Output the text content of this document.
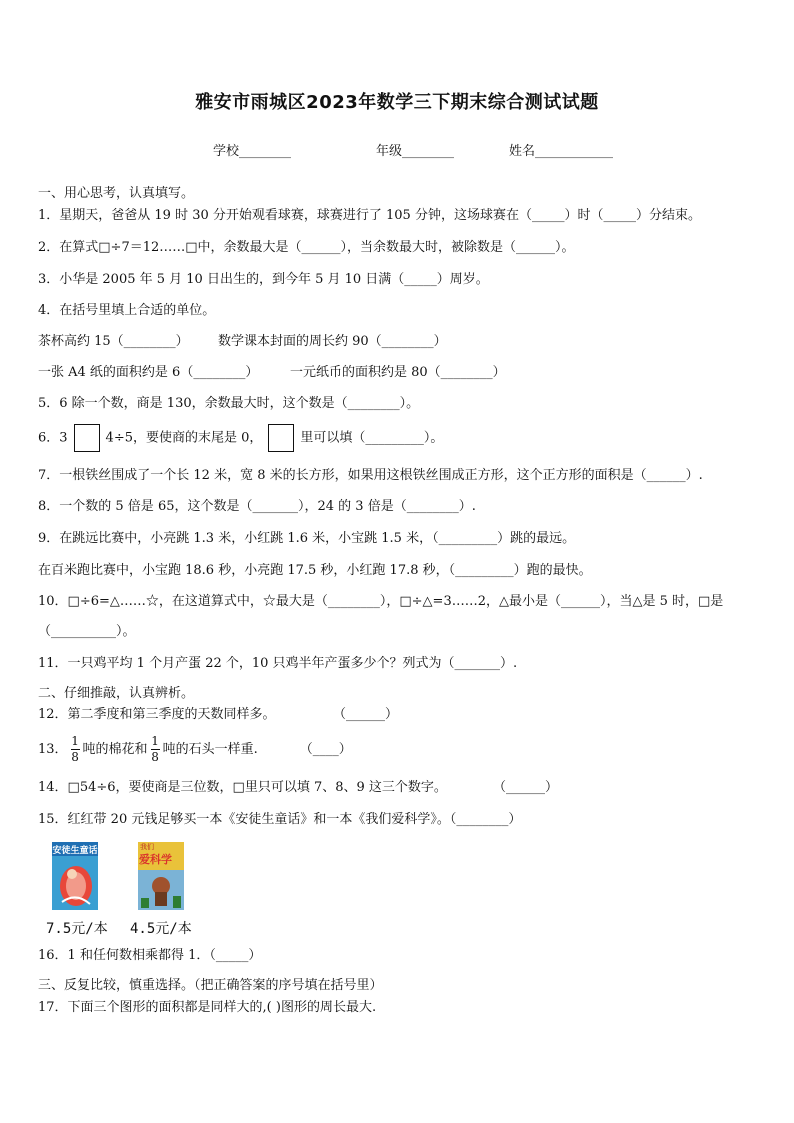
雅安市雨城区2023年数学三下期末综合测试试题
学校________	年级________	姓名____________
一、用心思考，认真填写。
1．星期天，爸爸从 19 时 30 分开始观看球赛，球赛进行了 105 分钟，这场球赛在（_____）时（_____）分结束。
2．在算式□÷7＝12……□中，余数最大是（______），当余数最大时，被除数是（______）。
3．小华是 2005 年 5 月 10 日出生的，到今年 5 月 10 日满（_____）周岁。
4．在括号里填上合适的单位。
茶杯高约 15（________） 数学课本封面的周长约 90（________）
一张 A4 纸的面积约是 6（________） 一元纸币的面积约是 80（________）
5．6 除一个数，商是 130，余数最大时，这个数是（________）。
6．3	4÷5，要使商的末尾是 0，	里可以填（_________）。
7．一根铁丝围成了一个长 12 米，宽 8 米的长方形，如果用这根铁丝围成正方形，这个正方形的面积是（______）.
8．一个数的 5 倍是 65，这个数是（_______），24 的 3 倍是（________）.
9．在跳远比赛中，小亮跳 1.3 米，小红跳 1.6 米，小宝跳 1.5 米，（_________）跳的最远。
在百米跑比赛中，小宝跑 18.6 秒，小亮跑 17.5 秒，小红跑 17.8 秒，（_________）跑的最快。
10．□÷6=△……☆，在这道算式中，☆最大是（________），□÷△=3……2，△最小是（______），当△是 5 时，□是
（__________）。
11．一只鸡平均 1 个月产蛋 22 个，10 只鸡半年产蛋多少个？列式为（_______）.
二、仔细推敲，认真辨析。
12．第二季度和第三季度的天数同样多。	（______）
13． $\frac{1}{8}$ 吨的棉花和 $\frac{1}{8}$ 吨的石头一样重.	（____）
14．□54÷6，要使商是三位数，□里只可以填 7、8、9 这三个数字。	（______）
15．红红带 20 元钱足够买一本《安徒生童话》和一本《我们爱科学》。（________）
安徒生童话	我们
爱科学
7.5元/本 4.5元/本
16．1 和任何数相乘都得 1．（_____）
三、反复比较，慎重选择。（把正确答案的序号填在括号里）
17．下面三个图形的面积都是同样大的,( )图形的周长最大.
